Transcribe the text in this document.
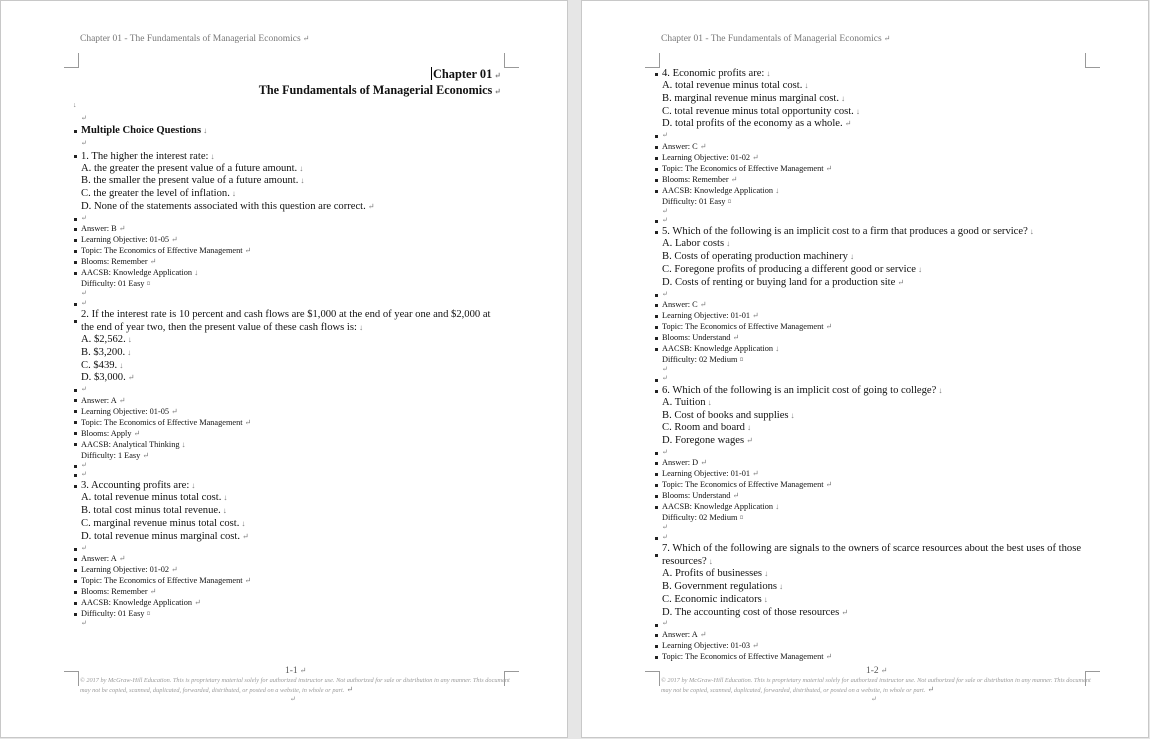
Chapter 01 - The Fundamentals of Managerial Economics ↵
Chapter 01 ↵
The Fundamentals of Managerial Economics ↵
↓
↵
Multiple Choice Questions ↓
↵
1. The higher the interest rate: ↓
A. the greater the present value of a future amount. ↓
B. the smaller the present value of a future amount. ↓
C. the greater the level of inflation. ↓
D. None of the statements associated with this question are correct. ↵
↵
Answer: B ↵
Learning Objective: 01-05 ↵
Topic: The Economics of Effective Management ↵
Blooms: Remember ↵
AACSB: Knowledge Application ↓
Difficulty: 01 Easy ¤
↵
↵
2. If the interest rate is 10 percent and cash flows are $1,000 at the end of year one and $2,000 at the end of year two, then the present value of these cash flows is: ↓
A. $2,562. ↓
B. $3,200. ↓
C. $439. ↓
D. $3,000. ↵
↵
Answer: A ↵
Learning Objective: 01-05 ↵
Topic: The Economics of Effective Management ↵
Blooms: Apply ↵
AACSB: Analytical Thinking ↓
Difficulty: 1 Easy ↵
↵
↵
3. Accounting profits are: ↓
A. total revenue minus total cost. ↓
B. total cost minus total revenue. ↓
C. marginal revenue minus total cost. ↓
D. total revenue minus marginal cost. ↵
↵
Answer: A ↵
Learning Objective: 01-02 ↵
Topic: The Economics of Effective Management ↵
Blooms: Remember ↵
AACSB: Knowledge Application ↵
Difficulty: 01 Easy ¤
↵
1-1 ↵
© 2017 by McGraw-Hill Education. This is proprietary material solely for authorized instructor use. Not authorized for sale or distribution in any manner. This document may not be copied, scanned, duplicated, forwarded, distributed, or posted on a website, in whole or part. ↵
↵
Chapter 01 - The Fundamentals of Managerial Economics ↵
4. Economic profits are: ↓
A. total revenue minus total cost. ↓
B. marginal revenue minus marginal cost. ↓
C. total revenue minus total opportunity cost. ↓
D. total profits of the economy as a whole. ↵
↵
Answer: C ↵
Learning Objective: 01-02 ↵
Topic: The Economics of Effective Management ↵
Blooms: Remember ↵
AACSB: Knowledge Application ↓
Difficulty: 01 Easy ¤
↵
↵
5. Which of the following is an implicit cost to a firm that produces a good or service? ↓
A. Labor costs ↓
B. Costs of operating production machinery ↓
C. Foregone profits of producing a different good or service ↓
D. Costs of renting or buying land for a production site ↵
↵
Answer: C ↵
Learning Objective: 01-01 ↵
Topic: The Economics of Effective Management ↵
Blooms: Understand ↵
AACSB: Knowledge Application ↓
Difficulty: 02 Medium ¤
↵
↵
6. Which of the following is an implicit cost of going to college? ↓
A. Tuition ↓
B. Cost of books and supplies ↓
C. Room and board ↓
D. Foregone wages ↵
↵
Answer: D ↵
Learning Objective: 01-01 ↵
Topic: The Economics of Effective Management ↵
Blooms: Understand ↵
AACSB: Knowledge Application ↓
Difficulty: 02 Medium ¤
↵
↵
7. Which of the following are signals to the owners of scarce resources about the best uses of those resources? ↓
A. Profits of businesses ↓
B. Government regulations ↓
C. Economic indicators ↓
D. The accounting cost of those resources ↵
↵
Answer: A ↵
Learning Objective: 01-03 ↵
Topic: The Economics of Effective Management ↵
1-2 ↵
© 2017 by McGraw-Hill Education. This is proprietary material solely for authorized instructor use. Not authorized for sale or distribution in any manner. This document may not be copied, scanned, duplicated, forwarded, distributed, or posted on a website, in whole or part. ↵
↵
